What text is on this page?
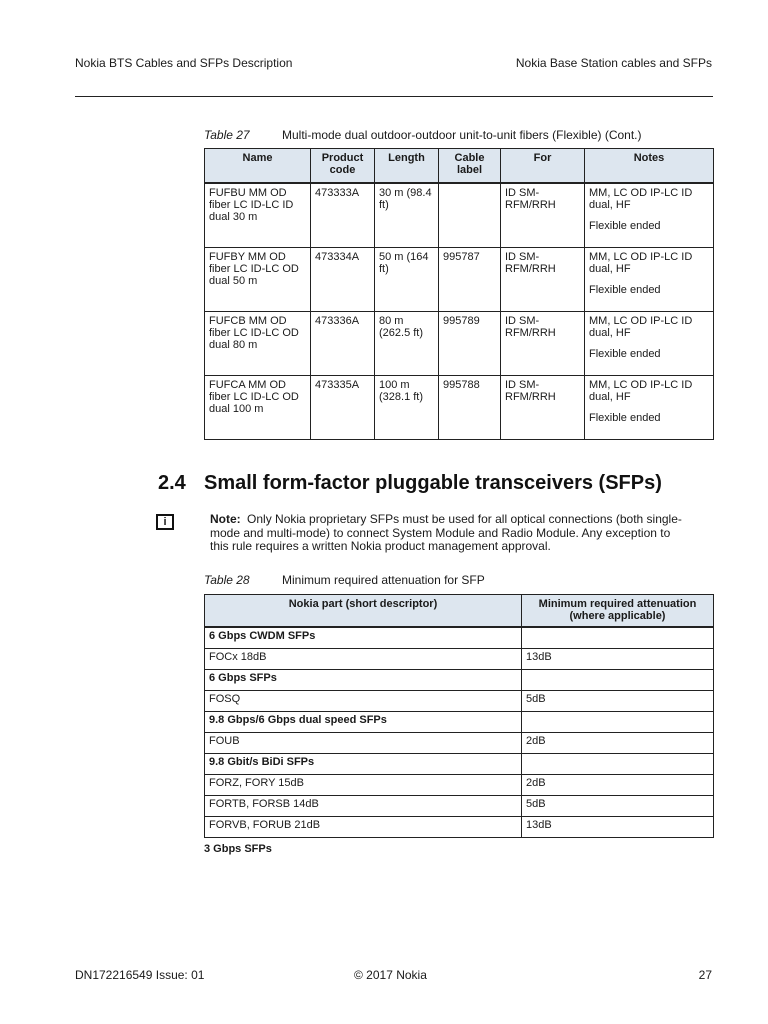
Nokia BTS Cables and SFPs Description	Nokia Base Station cables and SFPs
Table 27	Multi-mode dual outdoor-outdoor unit-to-unit fibers (Flexible) (Cont.)
Name	Product code	Length	Cable label	For	Notes
FUFBU MM OD fiber LC ID-LC ID dual 30 m	473333A	30 m (98.4 ft)		ID SM-RFM/RRH	MM, LC OD IP-LC ID dual, HF
Flexible ended

FUFBY MM OD fiber LC ID-LC OD dual 50 m	473334A	50 m (164 ft)	995787	ID SM-RFM/RRH	MM, LC OD IP-LC ID dual, HF
Flexible ended

FUFCB MM OD fiber LC ID-LC OD dual 80 m	473336A	80 m (262.5 ft)	995789	ID SM-RFM/RRH	MM, LC OD IP-LC ID dual, HF
Flexible ended

FUFCA MM OD fiber LC ID-LC OD dual 100 m	473335A	100 m (328.1 ft)	995788	ID SM-RFM/RRH	MM, LC OD IP-LC ID dual, HF
Flexible ended
2.4 Small form-factor pluggable transceivers (SFPs)
i	Note: Only Nokia proprietary SFPs must be used for all optical connections (both single-mode and multi-mode) to connect System Module and Radio Module. Any exception to this rule requires a written Nokia product management approval.
Table 28	Minimum required attenuation for SFP
Nokia part (short descriptor)	Minimum required attenuation (where applicable)
6 Gbps CWDM SFPs	
FOCx 18dB	13dB
6 Gbps SFPs	
FOSQ	5dB
9.8 Gbps/6 Gbps dual speed SFPs	
FOUB	2dB
9.8 Gbit/s BiDi SFPs	
FORZ, FORY 15dB	2dB
FORTB, FORSB 14dB	5dB
FORVB, FORUB 21dB	13dB
3 Gbps SFPs
DN172216549 Issue: 01	© 2017 Nokia	27
